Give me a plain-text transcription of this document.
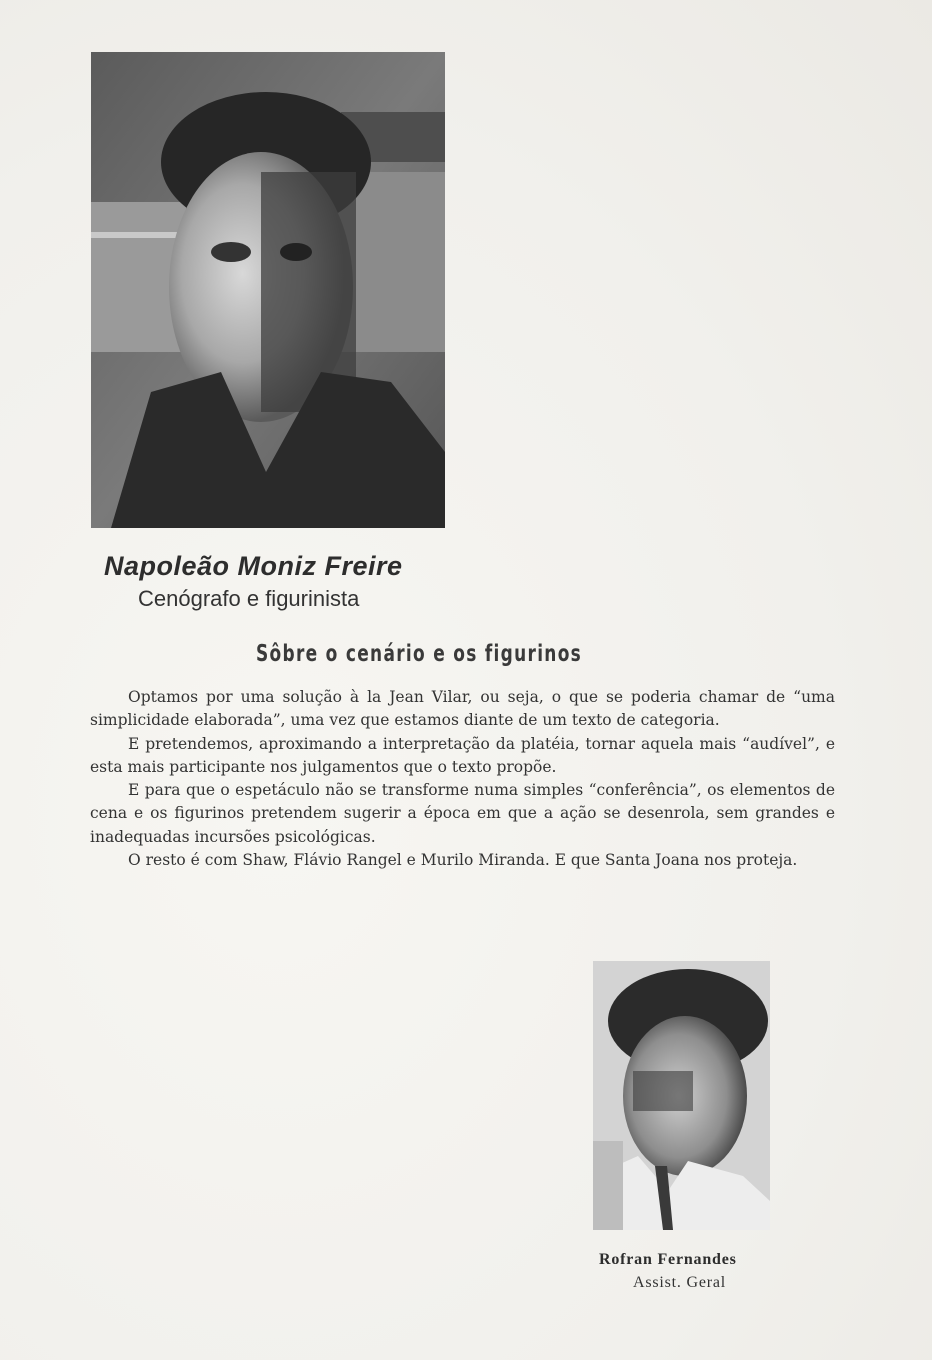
Napoleão Moniz Freire
Cenógrafo e figurinista
Sôbre o cenário e os figurinos

Optamos por uma solução à la Jean Vilar, ou seja, o que se poderia chamar de “uma simplicidade elaborada”, uma vez que estamos diante de um texto de categoria.

E pretendemos, aproximando a interpretação da platéia, tornar aquela mais “audível”, e esta mais participante nos julgamentos que o texto propõe.

E para que o espetáculo não se transforme numa simples “conferência”, os elementos de cena e os figurinos pretendem sugerir a época em que a ação se desenrola, sem grandes e inadequadas incursões psicológicas.

O resto é com Shaw, Flávio Rangel e Murilo Miranda. E que Santa Joana nos proteja.

Rofran Fernandes
Assist. Geral
